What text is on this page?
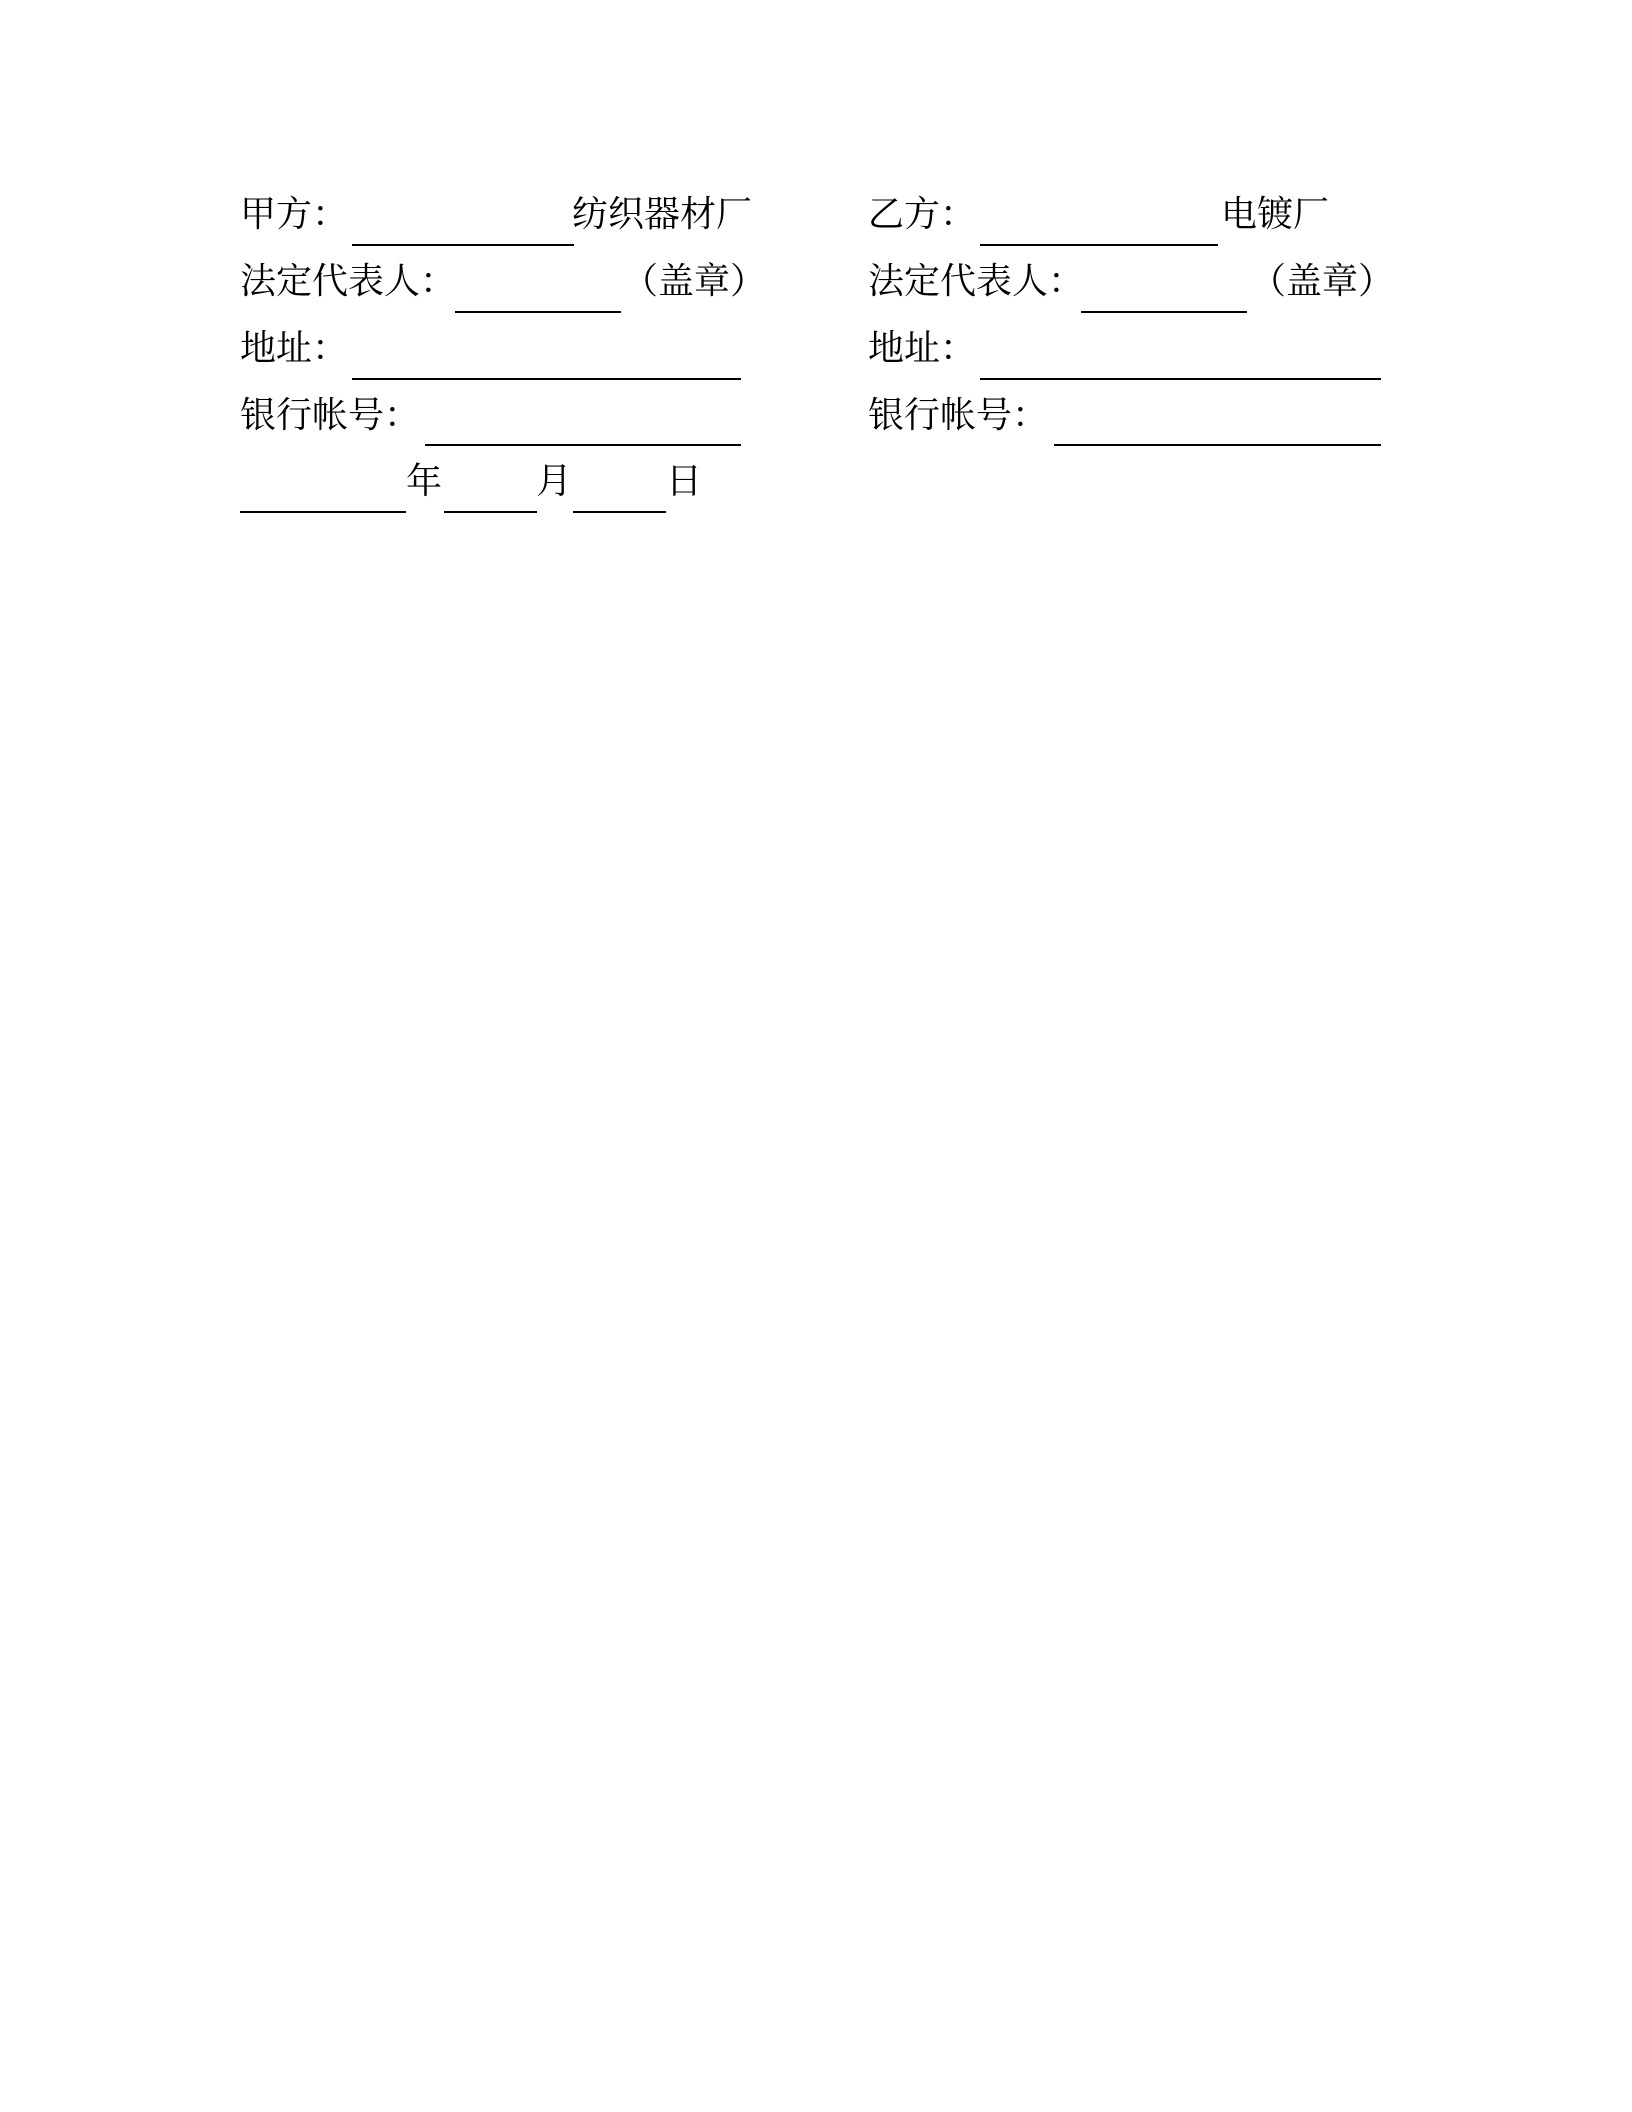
甲方：	纺织器材厂
法定代表人：	（盖章）
地址：
银行帐号：
年	月	日
乙方：	电镀厂
法定代表人：	（盖章）
地址：
银行帐号：
